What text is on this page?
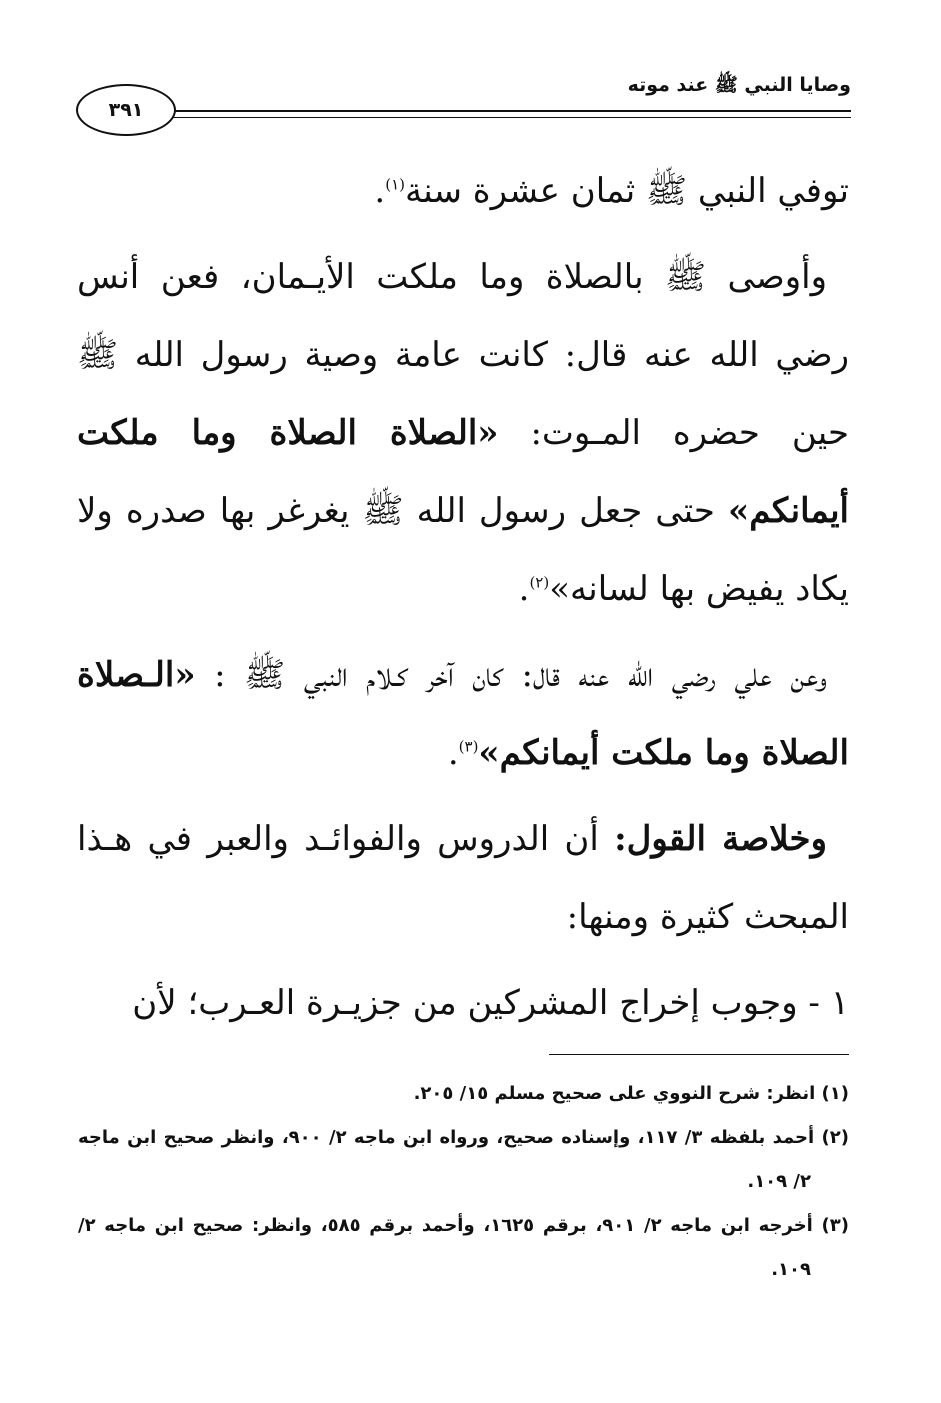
وصايا النبي ﷺ عند موته
٣٩١

توفي النبي ﷺ ثمان عشرة سنة$^{(١)}$.

وأوصى ﷺ بالصلاة وما ملكت الأيـمان، فعن أنس رضي الله عنه قال: كانت عامة وصية رسول الله ﷺ حين حضره المـوت: «الصلاة الصلاة وما ملكت أيمانكم» حتى جعل رسول الله ﷺ يغرغر بها صدره ولا يكاد يفيض بها لسانه»$^{(٢)}$.

وعن علي رضي الله عنه قال: كان آخر كـلام النبي ﷺ : «الـصلاة الصلاة وما ملكت أيمانكم»$^{(٣)}$.

وخلاصة القول: أن الدروس والفوائـد والعبر في هـذا المبحث كثيرة ومنها:

١ - وجوب إخراج المشركين من جزيـرة العـرب؛ لأن

(١) انظر: شرح النووي على صحيح مسلم ١٥/ ٢٠٥.

(٢) أحمد بلفظه ٣/ ١١٧، وإسناده صحيح، ورواه ابن ماجه ٢/ ٩٠٠، وانظر صحيح ابن ماجه ٢/ ١٠٩.

(٣) أخرجه ابن ماجه ٢/ ٩٠١، برقم ١٦٢٥، وأحمد برقم ٥٨٥، وانظر: صحيح ابن ماجه ٢/ ١٠٩.
